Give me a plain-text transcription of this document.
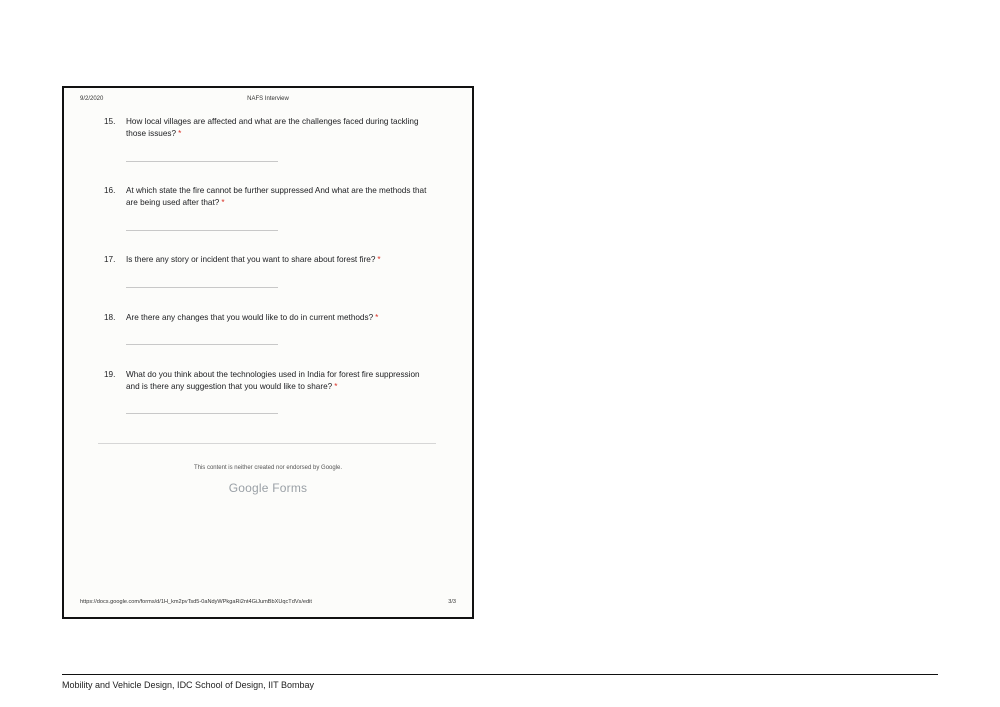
9/2/2020	NAFS Interview
15. How local villages are affected and what are the challenges faced during tackling those issues? *
16. At which state the fire cannot be further suppressed And what are the methods that are being used after that? *
17. Is there any story or incident that you want to share about forest fire? *
18. Are there any changes that you would like to do in current methods? *
19. What do you think about the technologies used in India for forest fire suppression and is there any suggestion that you would like to share? *
This content is neither created nor endorsed by Google.
Google Forms
https://docs.google.com/forms/d/1H_km2pvTsd5-0aNdyWPkgaRi2nt4GiJumBbXUqcTdVs/edit	3/3
Mobility and Vehicle Design, IDC School of Design, IIT Bombay
